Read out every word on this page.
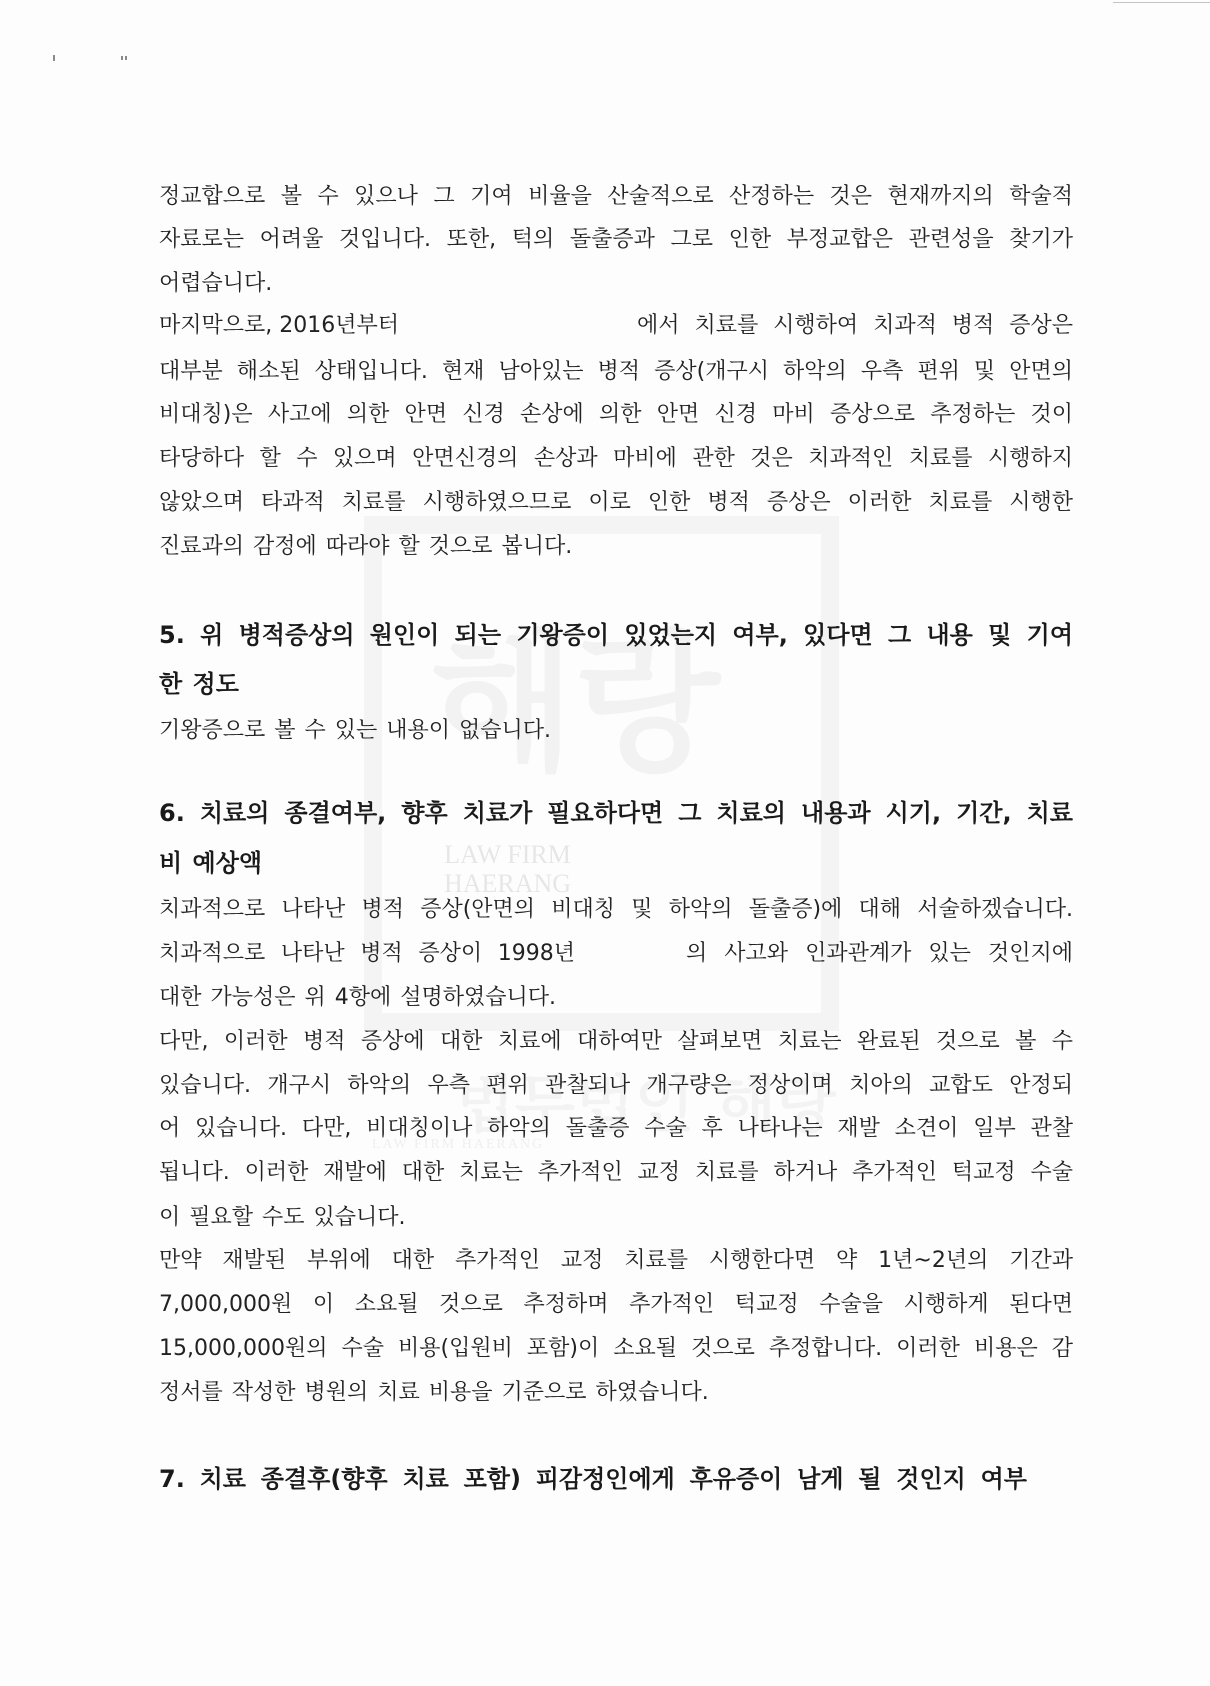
LAW FIRM
HAERANG
LAW FIRM HAERANG
정교합으로 볼 수 있으나 그 기여 비율을 산술적으로 산정하는 것은 현재까지의 학술적
자료로는 어려울 것입니다. 또한, 턱의 돌출증과 그로 인한 부정교합은 관련성을 찾기가
어렵습니다.
마지막으로, 2016년부터	에서 치료를 시행하여 치과적 병적 증상은
대부분 해소된 상태입니다. 현재 남아있는 병적 증상(개구시 하악의 우측 편위 및 안면의
비대칭)은 사고에 의한 안면 신경 손상에 의한 안면 신경 마비 증상으로 추정하는 것이
타당하다 할 수 있으며 안면신경의 손상과 마비에 관한 것은 치과적인 치료를 시행하지
않았으며 타과적 치료를 시행하였으므로 이로 인한 병적 증상은 이러한 치료를 시행한
진료과의 감정에 따라야 할 것으로 봅니다.
5. 위 병적증상의 원인이 되는 기왕증이 있었는지 여부, 있다면 그 내용 및 기여
한 정도
기왕증으로 볼 수 있는 내용이 없습니다.
6. 치료의 종결여부, 향후 치료가 필요하다면 그 치료의 내용과 시기, 기간, 치료
비 예상액
치과적으로 나타난 병적 증상(안면의 비대칭 및 하악의 돌출증)에 대해 서술하겠습니다.
치과적으로 나타난 병적 증상이 1998년	의 사고와 인과관계가 있는 것인지에
대한 가능성은 위 4항에 설명하였습니다.
다만, 이러한 병적 증상에 대한 치료에 대하여만 살펴보면 치료는 완료된 것으로 볼 수
있습니다. 개구시 하악의 우측 편위 관찰되나 개구량은 정상이며 치아의 교합도 안정되
어 있습니다. 다만, 비대칭이나 하악의 돌출증 수술 후 나타나는 재발 소견이 일부 관찰
됩니다. 이러한 재발에 대한 치료는 추가적인 교정 치료를 하거나 추가적인 턱교정 수술
이 필요할 수도 있습니다.
만약 재발된 부위에 대한 추가적인 교정 치료를 시행한다면 약 1년~2년의 기간과
7,000,000원 이 소요될 것으로 추정하며 추가적인 턱교정 수술을 시행하게 된다면
15,000,000원의 수술 비용(입원비 포함)이 소요될 것으로 추정합니다. 이러한 비용은 감
정서를 작성한 병원의 치료 비용을 기준으로 하였습니다.
7. 치료 종결후(향후 치료 포함) 피감정인에게 후유증이 남게 될 것인지 여부
